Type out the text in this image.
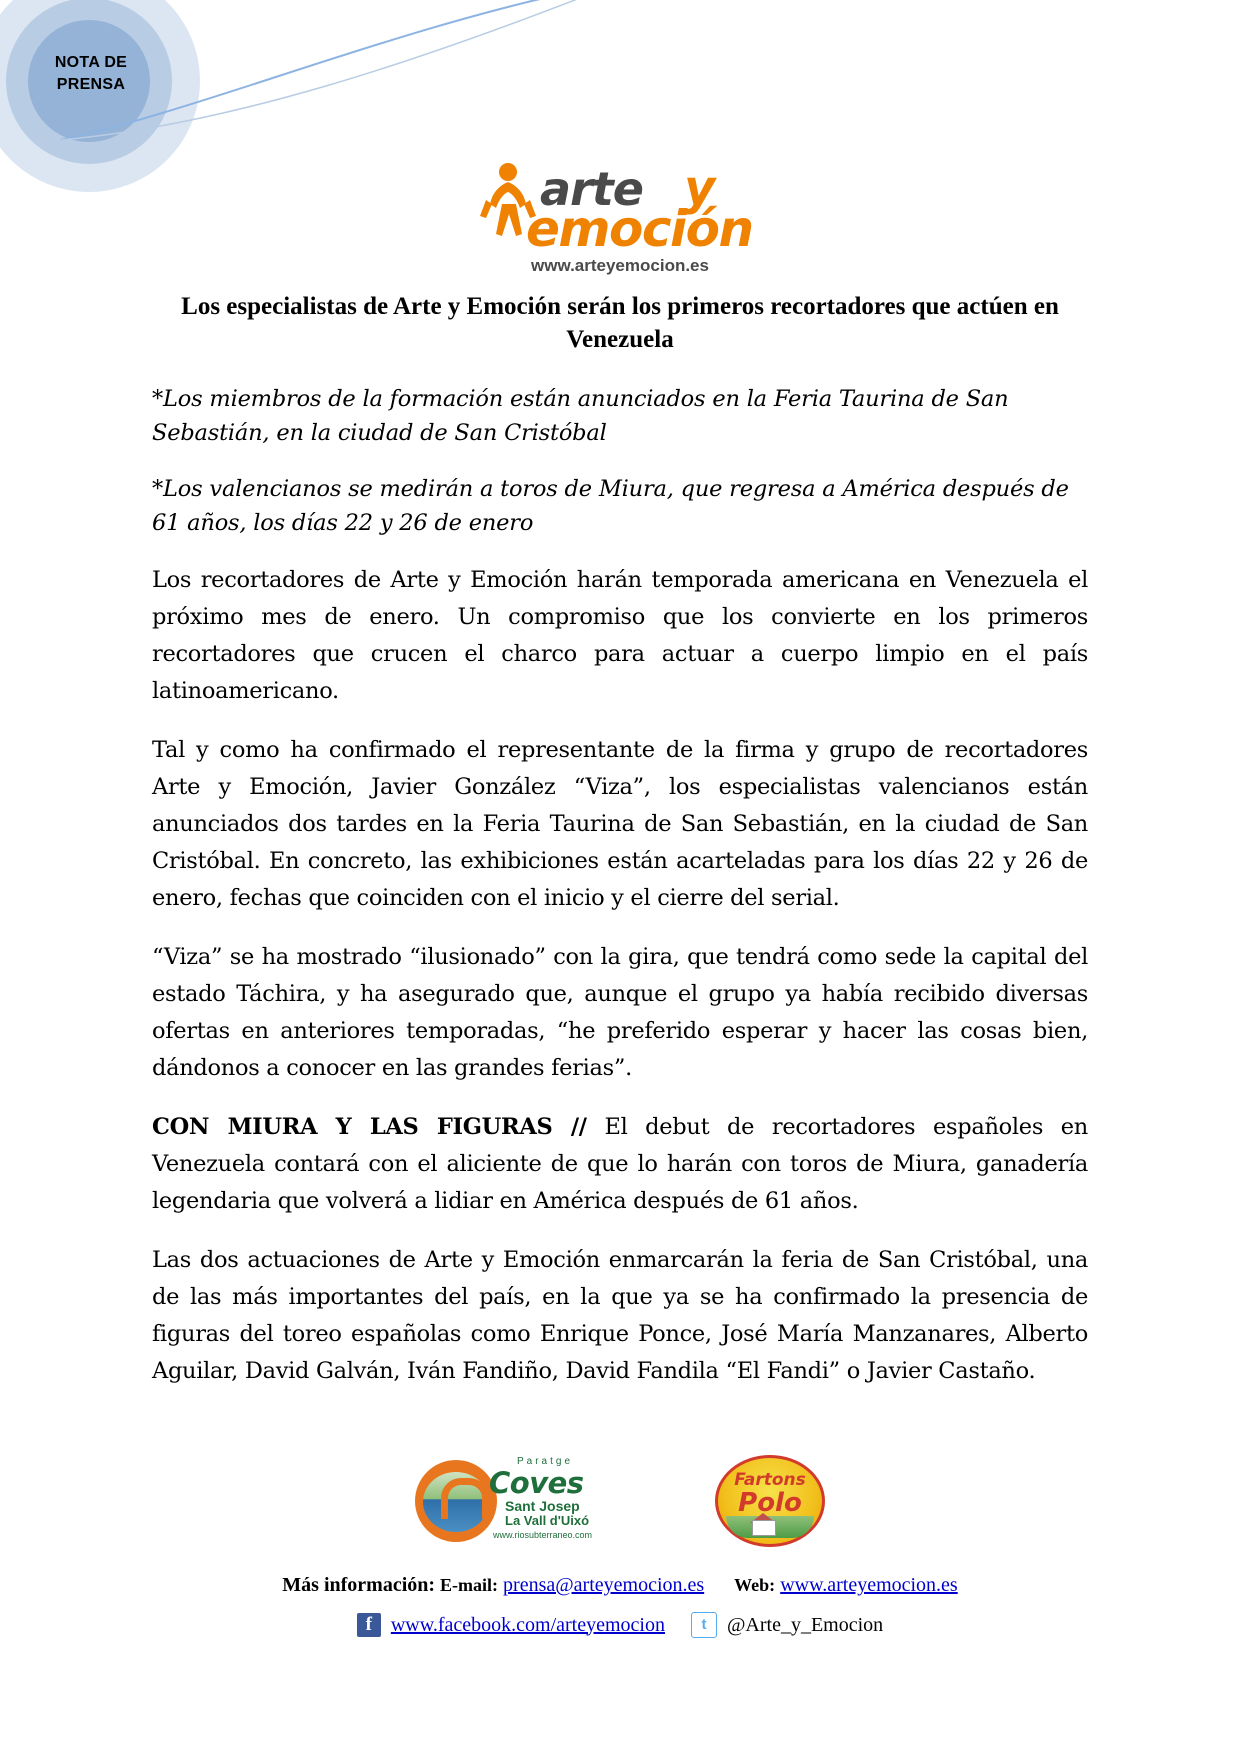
NOTA DE
PRENSA
arte y
emoción
www.arteyemocion.es
Los especialistas de Arte y Emoción serán los primeros recortadores que actúen en Venezuela

*Los miembros de la formación están anunciados en la Feria Taurina de San Sebastián, en la ciudad de San Cristóbal

*Los valencianos se medirán a toros de Miura, que regresa a América después de 61 años, los días 22 y 26 de enero

Los recortadores de Arte y Emoción harán temporada americana en Venezuela el próximo mes de enero. Un compromiso que los convierte en los primeros recortadores que crucen el charco para actuar a cuerpo limpio en el país latinoamericano.

Tal y como ha confirmado el representante de la firma y grupo de recortadores Arte y Emoción, Javier González “Viza”, los especialistas valencianos están anunciados dos tardes en la Feria Taurina de San Sebastián, en la ciudad de San Cristóbal. En concreto, las exhibiciones están acarteladas para los días 22 y 26 de enero, fechas que coinciden con el inicio y el cierre del serial.

“Viza” se ha mostrado “ilusionado” con la gira, que tendrá como sede la capital del estado Táchira, y ha asegurado que, aunque el grupo ya había recibido diversas ofertas en anteriores temporadas, “he preferido esperar y hacer las cosas bien, dándonos a conocer en las grandes ferias”.

CON MIURA Y LAS FIGURAS // El debut de recortadores españoles en Venezuela contará con el aliciente de que lo harán con toros de Miura, ganadería legendaria que volverá a lidiar en América después de 61 años.

Las dos actuaciones de Arte y Emoción enmarcarán la feria de San Cristóbal, una de las más importantes del país, en la que ya se ha confirmado la presencia de figuras del toreo españolas como Enrique Ponce, José María Manzanares, Alberto Aguilar, David Galván, Iván Fandiño, David Fandila “El Fandi” o Javier Castaño.

Paratge
Coves
Sant Josep
La Vall d'Uixó
www.riosubterraneo.com
Fartons
Polo
Más información: E-mail: prensa@arteyemocion.es Web: www.arteyemocion.es
f www.facebook.com/arteyemocion	t	@Arte_y_Emocion
